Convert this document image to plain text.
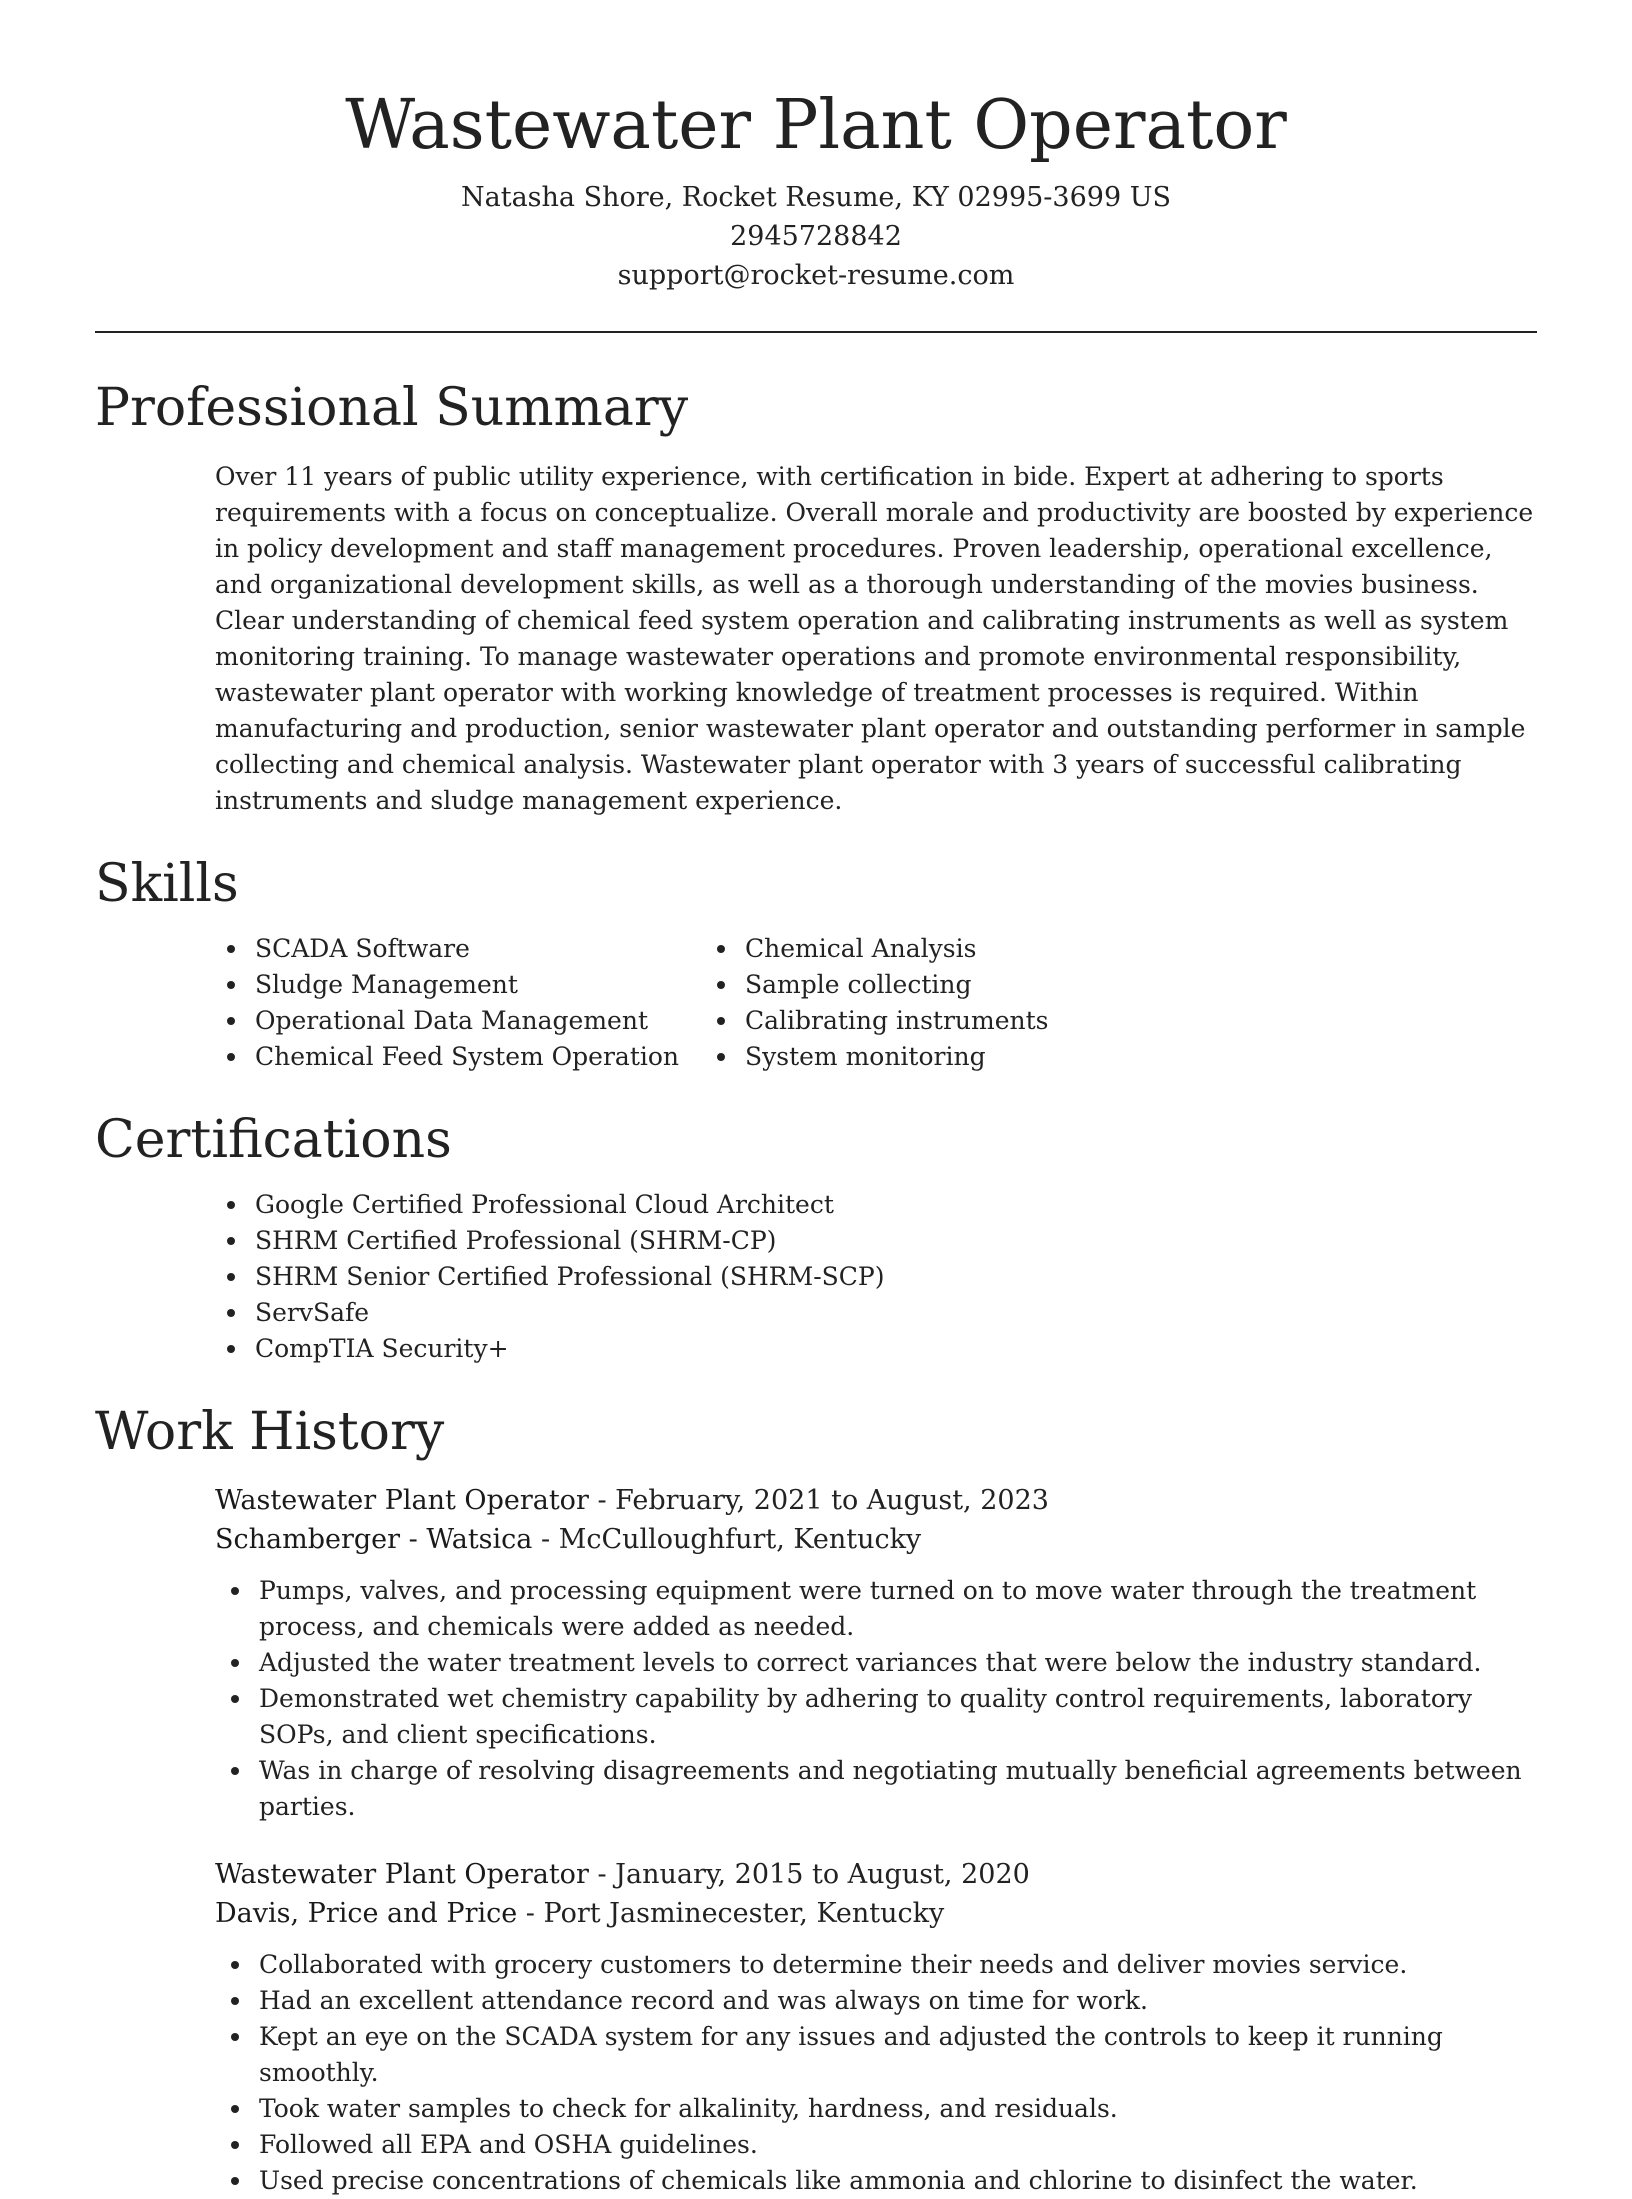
Wastewater Plant Operator

Natasha Shore, Rocket Resume, KY 02995-3699 US

2945728842

support@rocket-resume.com

Professional Summary

Over 11 years of public utility experience, with certification in bide. Expert at adhering to sports requirements with a focus on conceptualize. Overall morale and productivity are boosted by experience in policy development and staff management procedures. Proven leadership, operational excellence, and organizational development skills, as well as a thorough understanding of the movies business. Clear understanding of chemical feed system operation and calibrating instruments as well as system monitoring training. To manage wastewater operations and promote environmental responsibility, wastewater plant operator with working knowledge of treatment processes is required. Within manufacturing and production, senior wastewater plant operator and outstanding performer in sample collecting and chemical analysis. Wastewater plant operator with 3 years of successful calibrating instruments and sludge management experience.

Skills
SCADA Software
Sludge Management
Operational Data Management
Chemical Feed System Operation
Chemical Analysis
Sample collecting
Calibrating instruments
System monitoring
Certifications
Google Certified Professional Cloud Architect
SHRM Certified Professional (SHRM-CP)
SHRM Senior Certified Professional (SHRM-SCP)
ServSafe
CompTIA Security+
Work History

Wastewater Plant Operator - February, 2021 to August, 2023

Schamberger - Watsica - McCulloughfurt, Kentucky

Pumps, valves, and processing equipment were turned on to move water through the treatment process, and chemicals were added as needed.
Adjusted the water treatment levels to correct variances that were below the industry standard.
Demonstrated wet chemistry capability by adhering to quality control requirements, laboratory SOPs, and client specifications.
Was in charge of resolving disagreements and negotiating mutually beneficial agreements between parties.

Wastewater Plant Operator - January, 2015 to August, 2020

Davis, Price and Price - Port Jasminecester, Kentucky

Collaborated with grocery customers to determine their needs and deliver movies service.
Had an excellent attendance record and was always on time for work.
Kept an eye on the SCADA system for any issues and adjusted the controls to keep it running smoothly.
Took water samples to check for alkalinity, hardness, and residuals.
Followed all EPA and OSHA guidelines.
Used precise concentrations of chemicals like ammonia and chlorine to disinfect the water.
